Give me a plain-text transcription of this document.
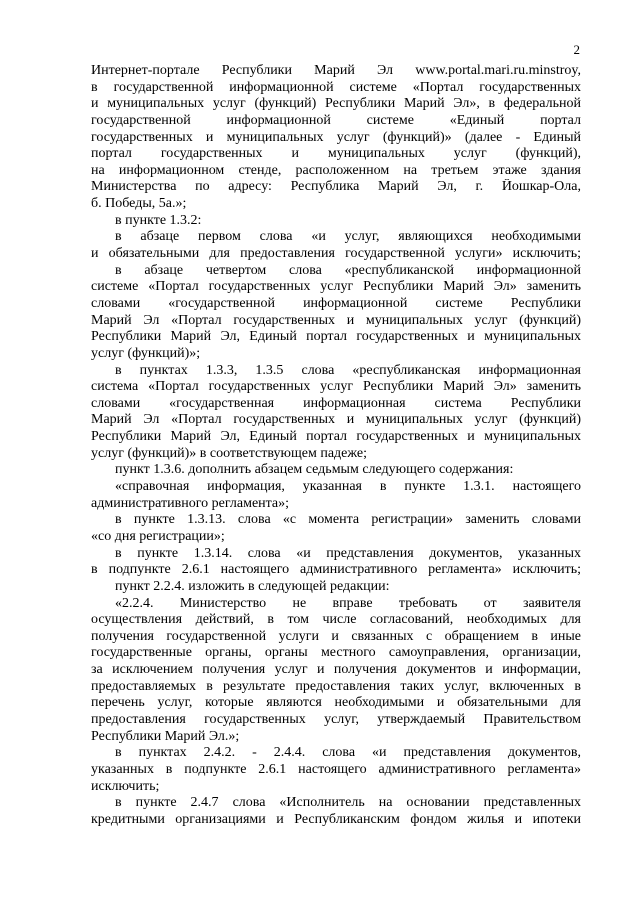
2
Интернет-портале Республики Марий Эл www.portal.mari.ru.minstroy,
в государственной информационной системе «Портал государственных
и муниципальных услуг (функций) Республики Марий Эл», в федеральной
государственной информационной системе «Единый портал
государственных и муниципальных услуг (функций)» (далее - Единый
портал государственных и муниципальных услуг (функций),
на информационном стенде, расположенном на третьем этаже здания
Министерства по адресу: Республика Марий Эл, г. Йошкар-Ола,
б. Победы, 5а.»;
в пункте 1.3.2:
в абзаце первом слова «и услуг, являющихся необходимыми
и обязательными для предоставления государственной услуги» исключить;
в абзаце четвертом слова «республиканской информационной
системе «Портал государственных услуг Республики Марий Эл» заменить
словами «государственной информационной системе Республики
Марий Эл «Портал государственных и муниципальных услуг (функций)
Республики Марий Эл, Единый портал государственных и муниципальных
услуг (функций)»;
в пунктах 1.3.3, 1.3.5 слова «республиканская информационная
система «Портал государственных услуг Республики Марий Эл» заменить
словами «государственная информационная система Республики
Марий Эл «Портал государственных и муниципальных услуг (функций)
Республики Марий Эл, Единый портал государственных и муниципальных
услуг (функций)» в соответствующем падеже;
пункт 1.3.6. дополнить абзацем седьмым следующего содержания:
«справочная информация, указанная в пункте 1.3.1. настоящего
административного регламента»;
в пункте 1.3.13. слова «с момента регистрации» заменить словами
«со дня регистрации»;
в пункте 1.3.14. слова «и представления документов, указанных
в подпункте 2.6.1 настоящего административного регламента» исключить;
пункт 2.2.4. изложить в следующей редакции:
«2.2.4. Министерство не вправе требовать от заявителя
осуществления действий, в том числе согласований, необходимых для
получения государственной услуги и связанных с обращением в иные
государственные органы, органы местного самоуправления, организации,
за исключением получения услуг и получения документов и информации,
предоставляемых в результате предоставления таких услуг, включенных в
перечень услуг, которые являются необходимыми и обязательными для
предоставления государственных услуг, утверждаемый Правительством
Республики Марий Эл.»;
в пунктах 2.4.2. - 2.4.4. слова «и представления документов,
указанных в подпункте 2.6.1 настоящего административного регламента»
исключить;
в пункте 2.4.7 слова «Исполнитель на основании представленных
кредитными организациями и Республиканским фондом жилья и ипотеки
